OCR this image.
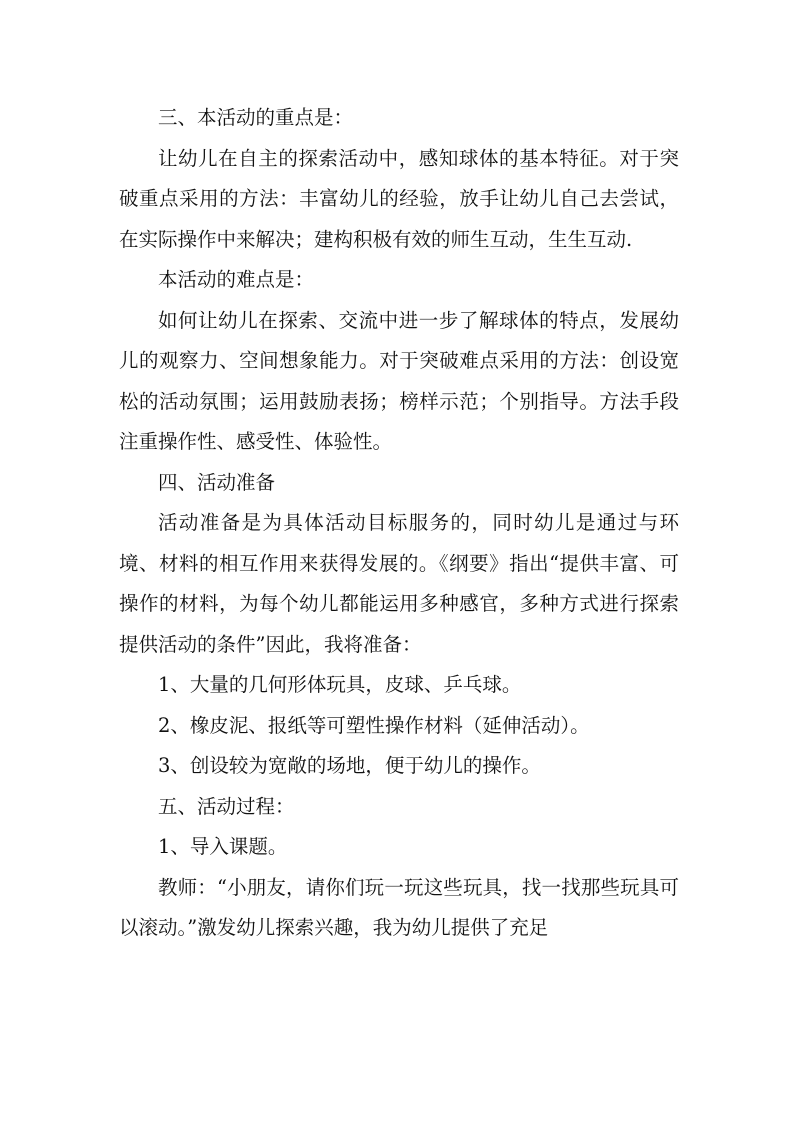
三、本活动的重点是：

让幼儿在自主的探索活动中，感知球体的基本特征。对于突破重点采用的方法：丰富幼儿的经验，放手让幼儿自己去尝试，在实际操作中来解决；建构积极有效的师生互动，生生互动.

本活动的难点是：

如何让幼儿在探索、交流中进一步了解球体的特点，发展幼儿的观察力、空间想象能力。对于突破难点采用的方法：创设宽松的活动氛围；运用鼓励表扬；榜样示范；个别指导。方法手段注重操作性、感受性、体验性。

四、活动准备

活动准备是为具体活动目标服务的，同时幼儿是通过与环境、材料的相互作用来获得发展的。《纲要》指出“提供丰富、可操作的材料，为每个幼儿都能运用多种感官，多种方式进行探索提供活动的条件”因此，我将准备：

1、大量的几何形体玩具，皮球、乒乓球。

2、橡皮泥、报纸等可塑性操作材料（延伸活动）。

3、创设较为宽敞的场地，便于幼儿的操作。

五、活动过程：

1、导入课题。

教师：“小朋友，请你们玩一玩这些玩具，找一找那些玩具可以滚动。”激发幼儿探索兴趣，我为幼儿提供了充足
